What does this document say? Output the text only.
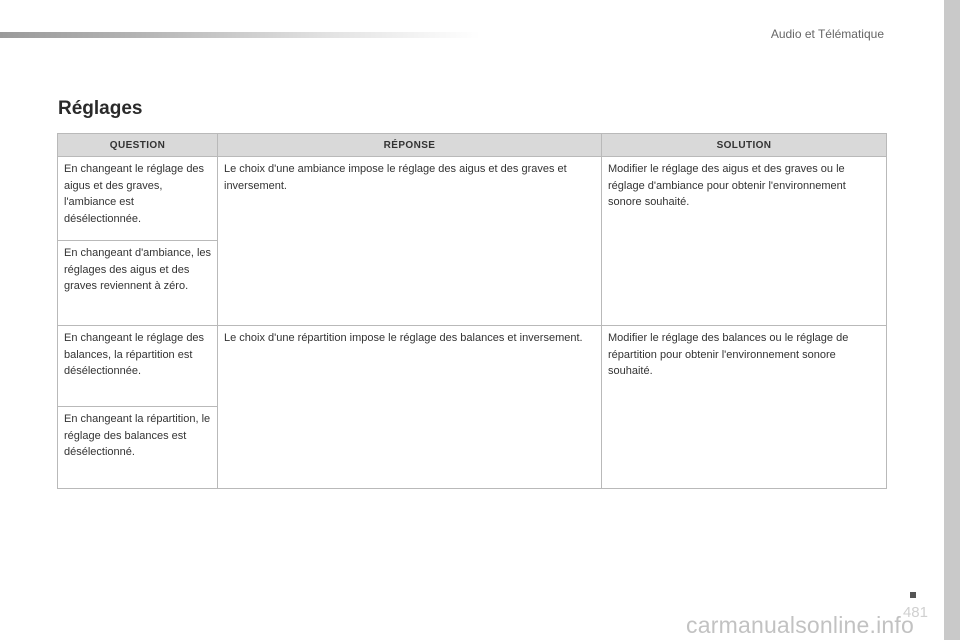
Audio et Télématique
Réglages
QUESTION	RÉPONSE	SOLUTION
En changeant le réglage des aigus et des graves, l'ambiance est désélectionnée.	Le choix d'une ambiance impose le réglage des aigus et des graves et inversement.	Modifier le réglage des aigus et des graves ou le réglage d'ambiance pour obtenir l'environnement sonore souhaité.
En changeant d'ambiance, les réglages des aigus et des graves reviennent à zéro.		
En changeant le réglage des balances, la répartition est désélectionnée.	Le choix d'une répartition impose le réglage des balances et inversement.	Modifier le réglage des balances ou le réglage de répartition pour obtenir l'environnement sonore souhaité.
En changeant la répartition, le réglage des balances est désélectionné.		
481
carmanualsonline.info
